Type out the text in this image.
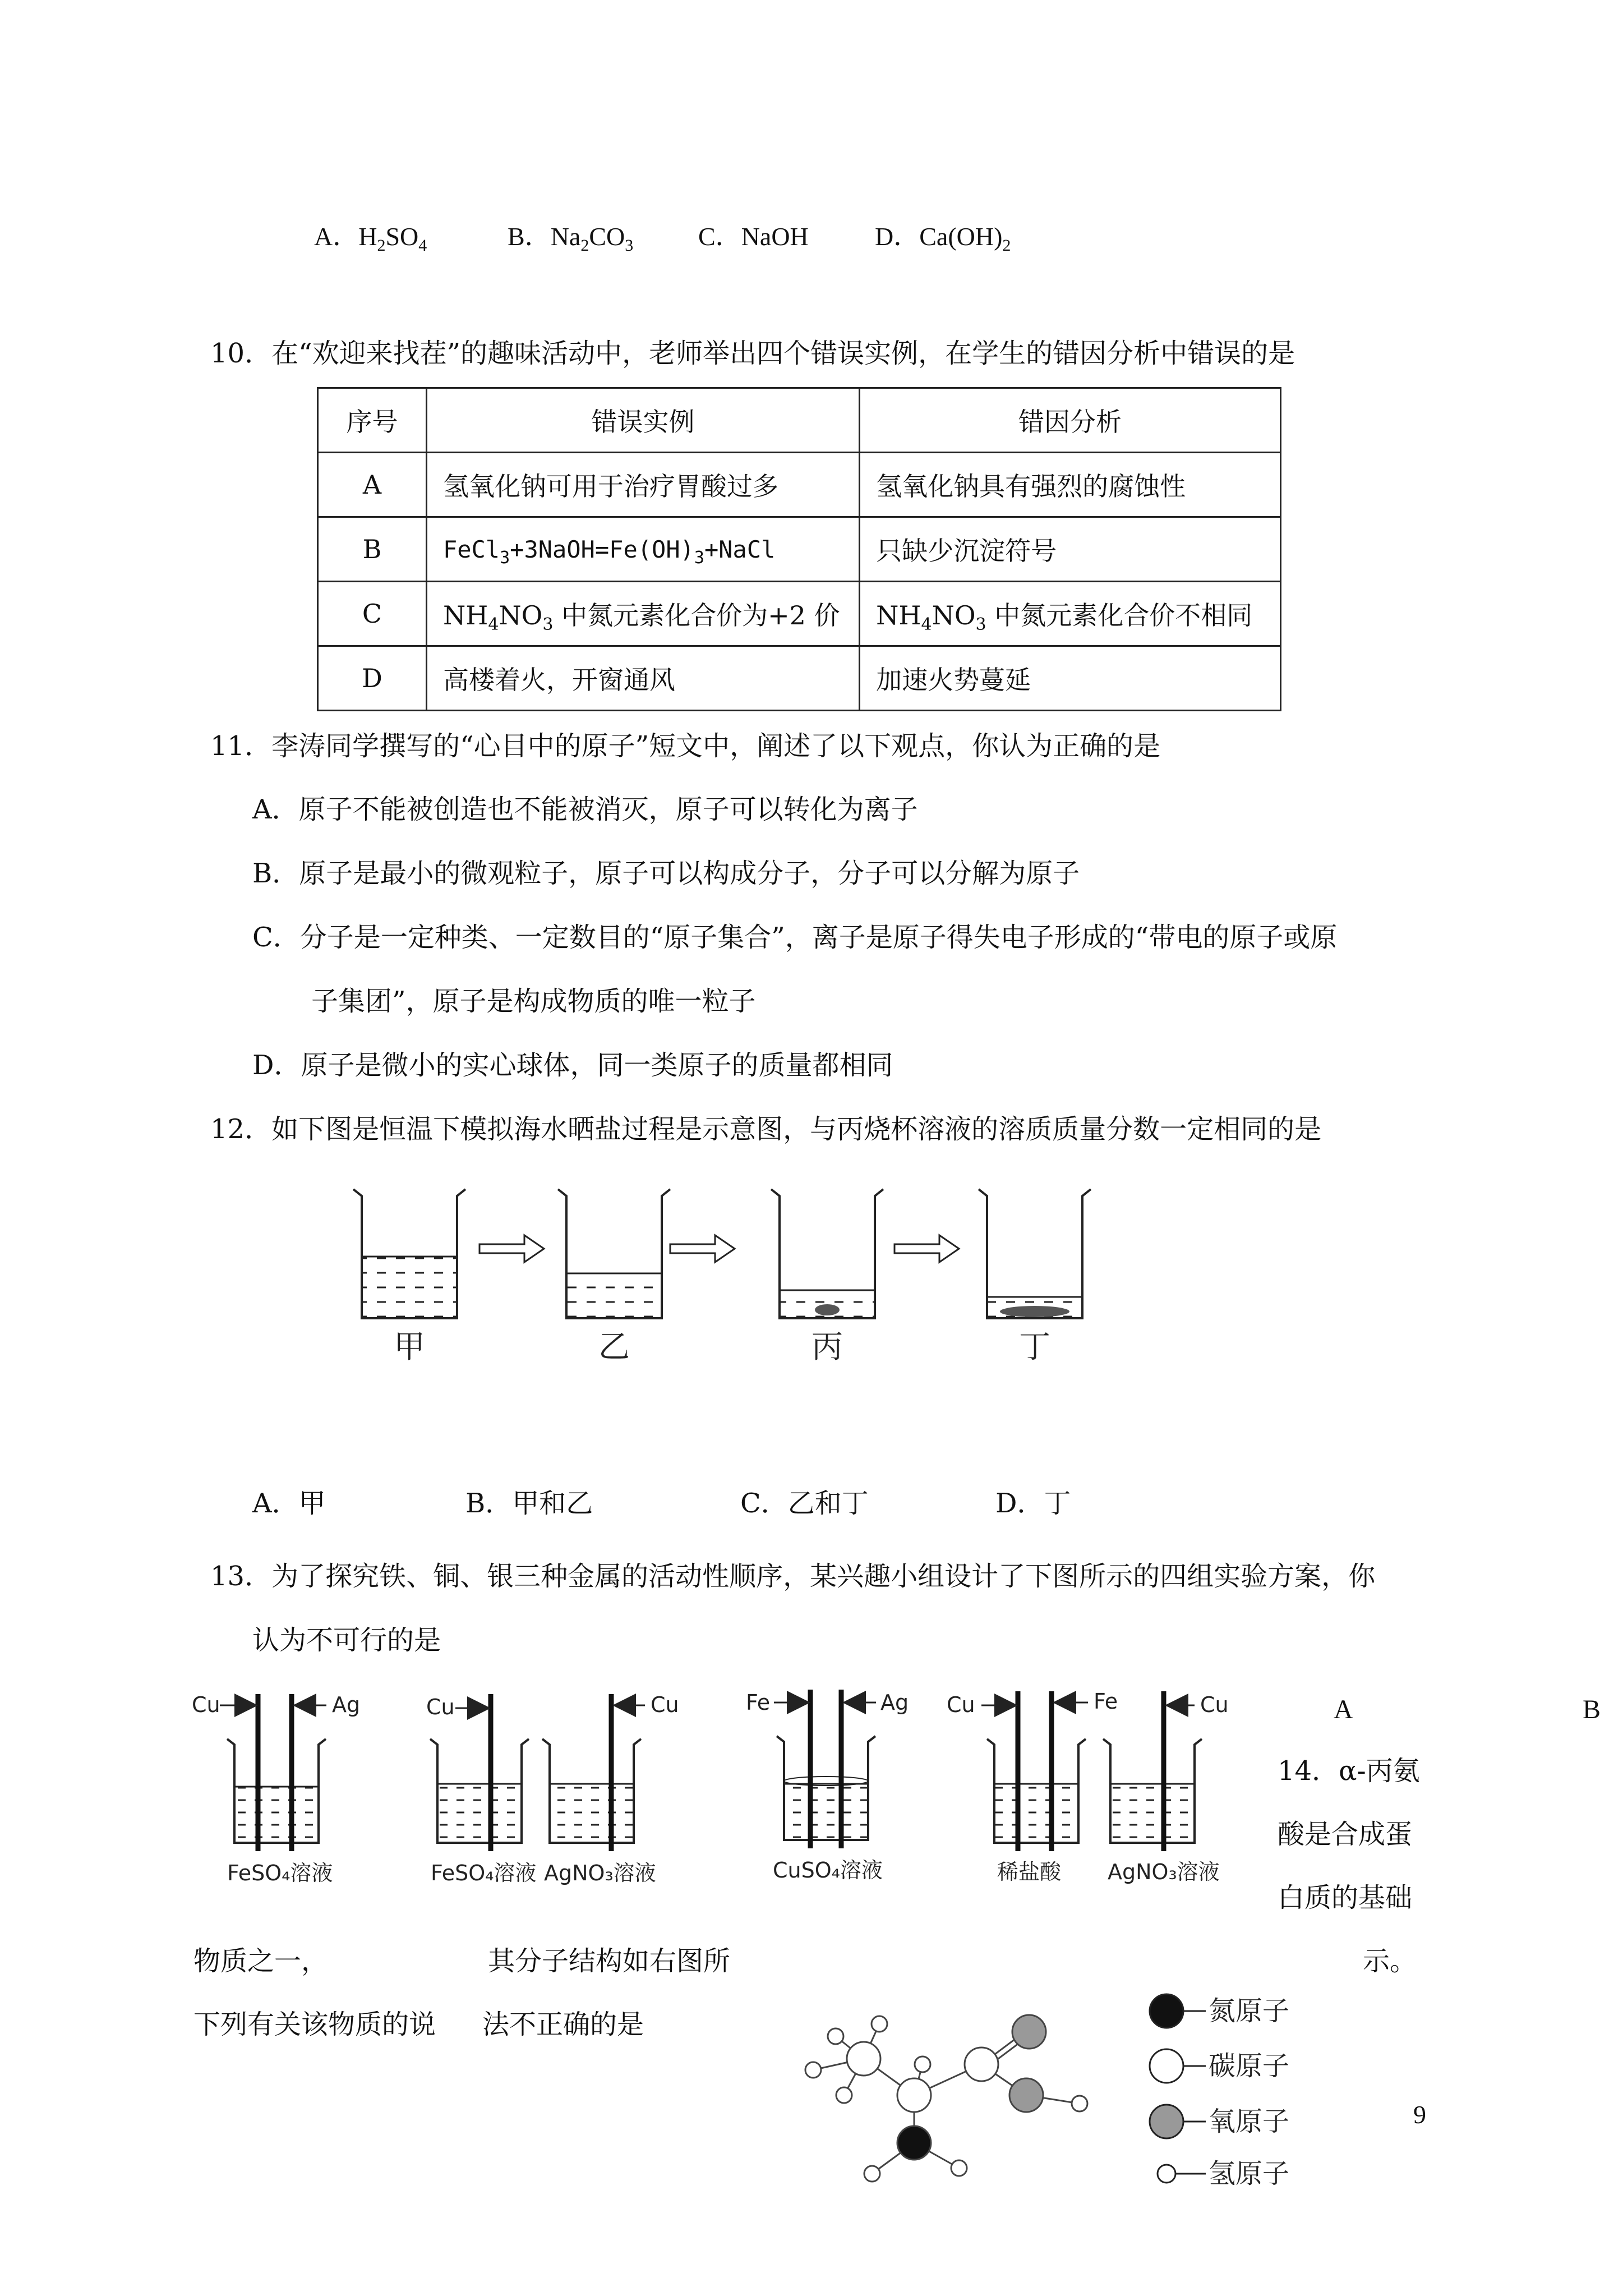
A．$H_2SO_4$	B．$Na_2CO_3$	C．NaOH	D．$Ca(OH)_2$
10．在“欢迎来找茬”的趣味活动中，老师举出四个错误实例，在学生的错因分析中错误的是
序号	错误实例	错因分析
A	氢氧化钠可用于治疗胃酸过多	氢氧化钠具有强烈的腐蚀性
B	$FeCl_3+3NaOH=Fe(OH)_3+NaCl$	只缺少沉淀符号
C	$NH_4NO_3$ 中氮元素化合价为+2 价	$NH_4NO_3$ 中氮元素化合价不相同
D	高楼着火，开窗通风	加速火势蔓延
11．李涛同学撰写的“心目中的原子”短文中，阐述了以下观点，你认为正确的是
A．原子不能被创造也不能被消灭，原子可以转化为离子
B．原子是最小的微观粒子，原子可以构成分子，分子可以分解为原子
C．分子是一定种类、一定数目的“原子集合”，离子是原子得失电子形成的“带电的原子或原
子集团”，原子是构成物质的唯一粒子
D．原子是微小的实心球体，同一类原子的质量都相同
12．如下图是恒温下模拟海水晒盐过程是示意图，与丙烧杯溶液的溶质质量分数一定相同的是
甲	乙	丙	丁
A．甲	B．甲和乙	C．乙和丁	D．丁
13．为了探究铁、铜、银三种金属的活动性顺序，某兴趣小组设计了下图所示的四组实验方案，你
认为不可行的是
Cu	Ag
FeSO₄溶液
Cu
FeSO₄溶液
Cu
AgNO₃溶液
Fe	Ag
CuSO₄溶液
Cu	Fe
稀盐酸
Cu
AgNO₃溶液
A	B
14．α-丙氨
酸是合成蛋
白质的基础
物质之一，	其分子结构如右图所	示。
下列有关该物质的说 法不正确的是	氮原子
碳原子
氧原子
氢原子
9
